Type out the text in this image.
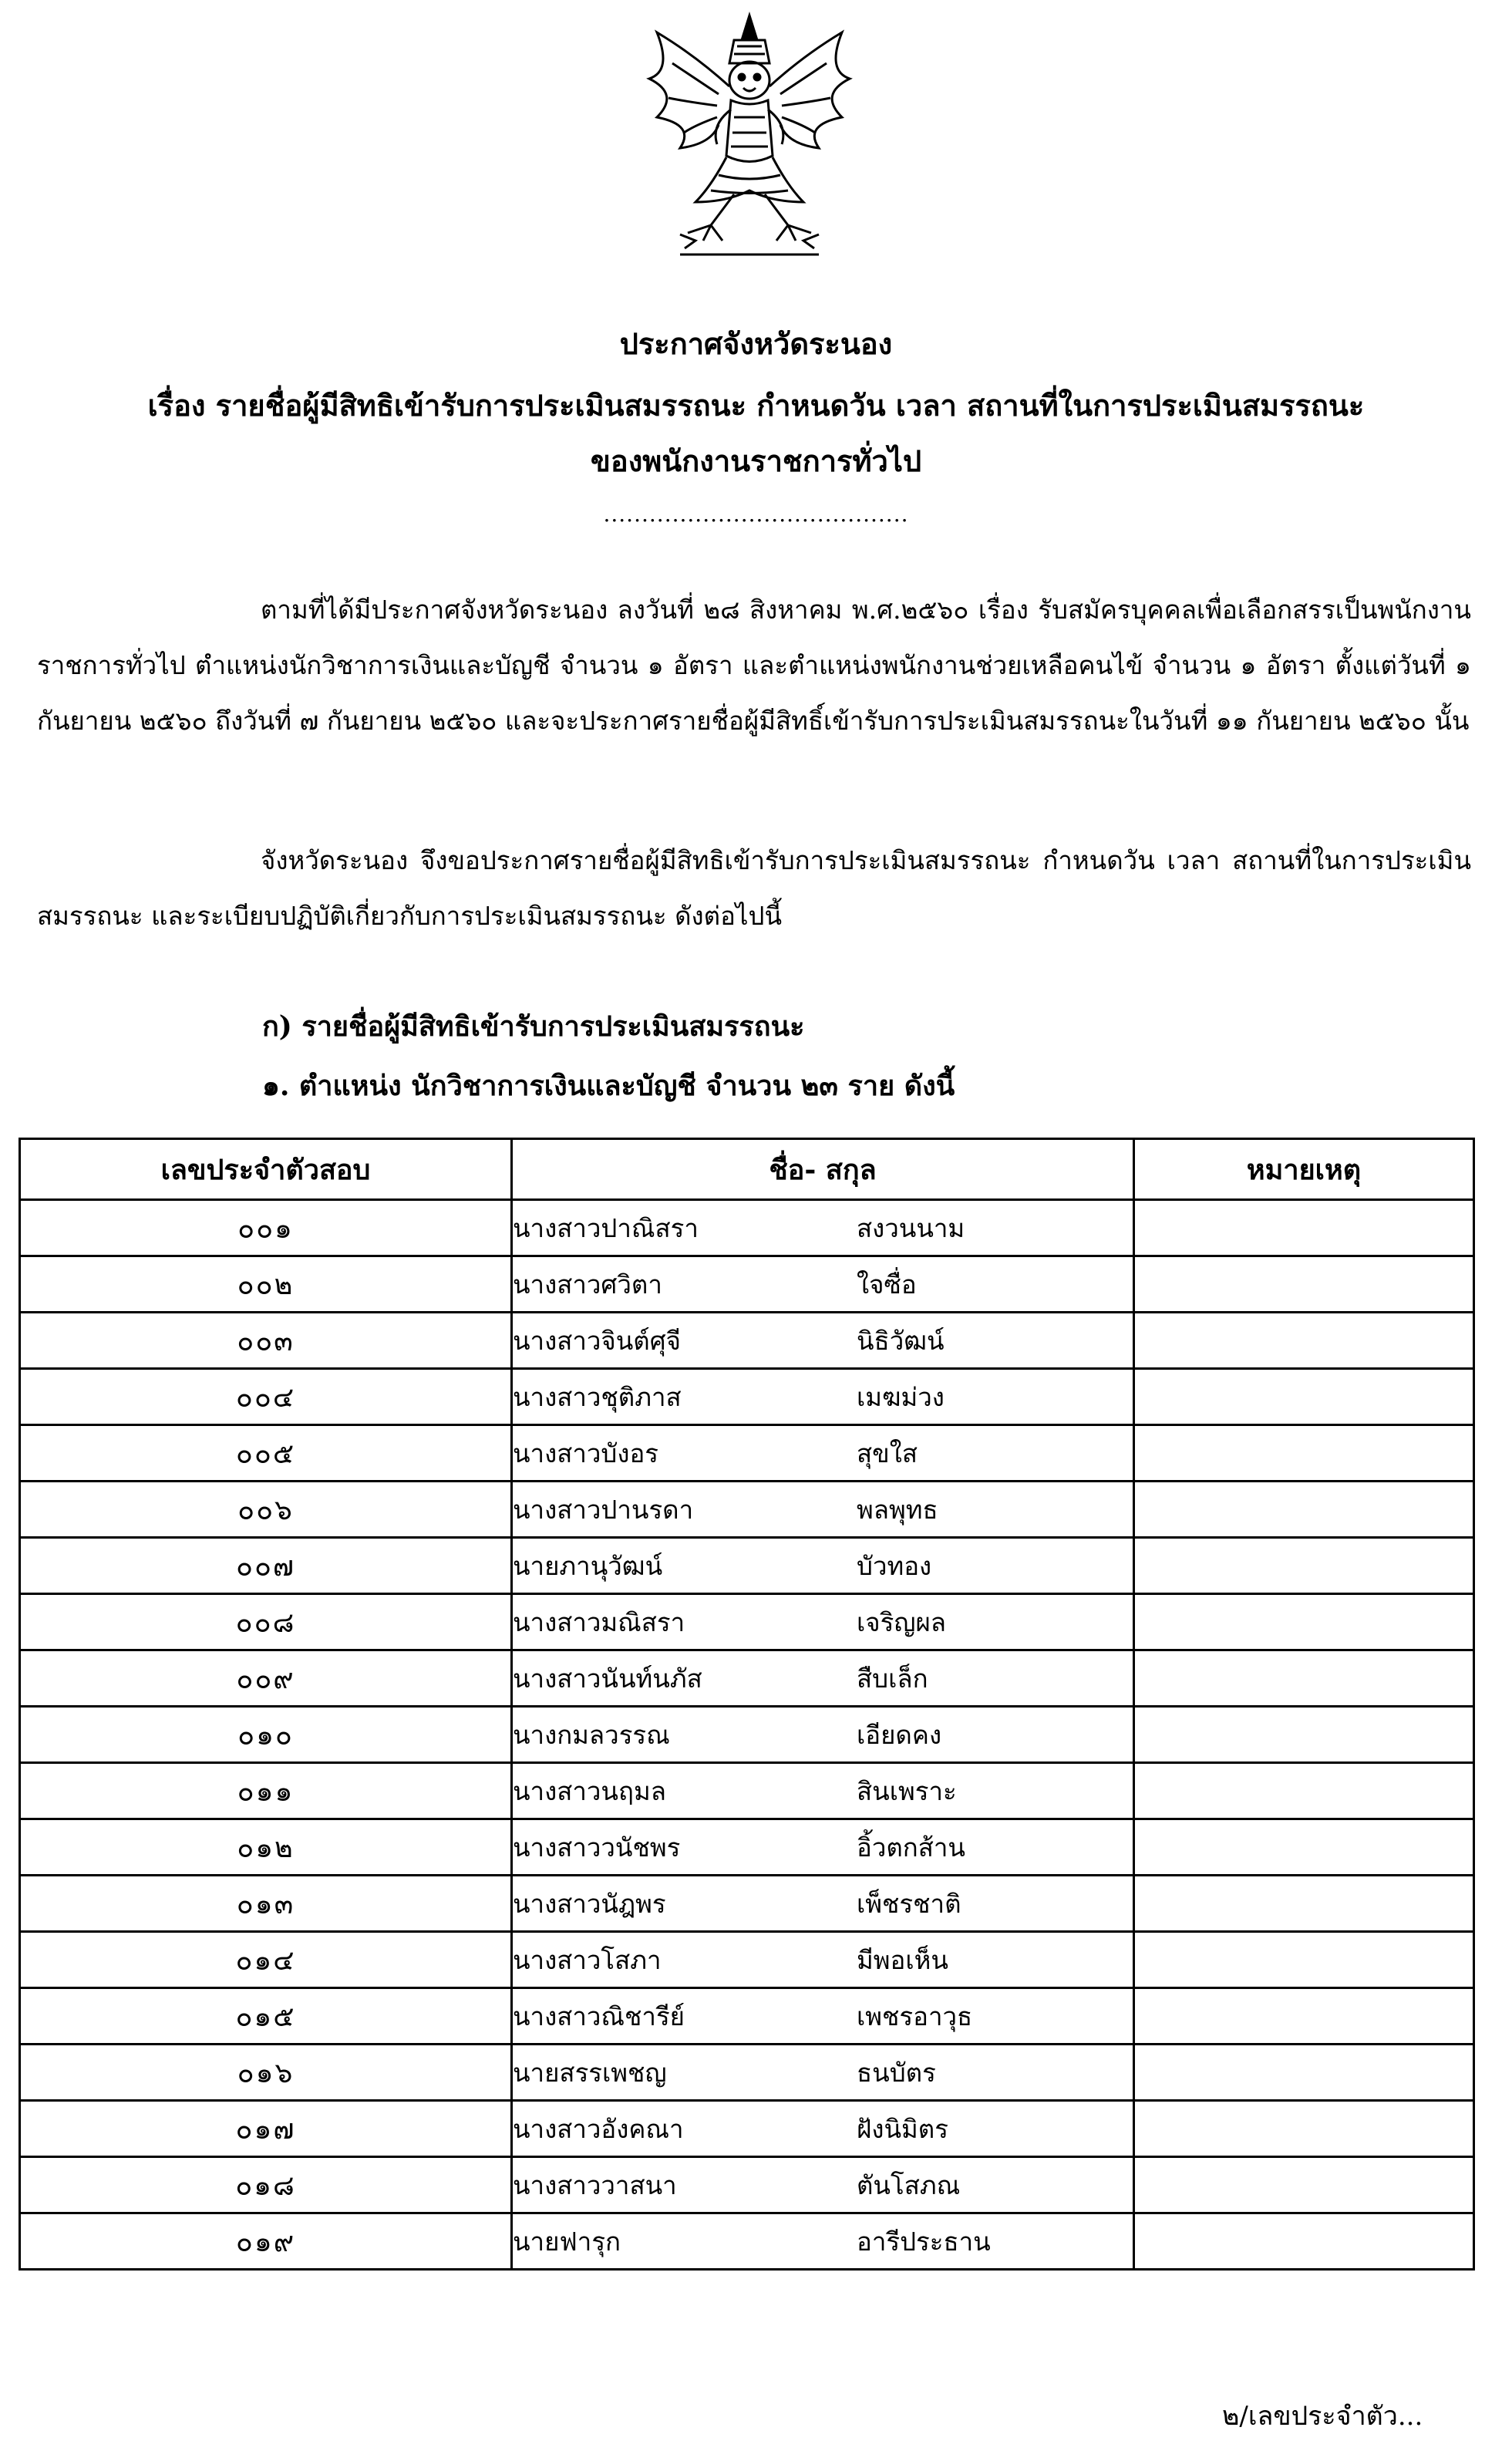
ประกาศจังหวัดระนอง
เรื่อง รายชื่อผู้มีสิทธิเข้ารับการประเมินสมรรถนะ กำหนดวัน เวลา สถานที่ในการประเมินสมรรถนะ
ของพนักงานราชการทั่วไป
........................................
ตามที่ได้มีประกาศจังหวัดระนอง ลงวันที่ ๒๘ สิงหาคม พ.ศ.๒๕๖๐ เรื่อง รับสมัครบุคคลเพื่อเลือกสรรเป็นพนักงานราชการทั่วไป ตำแหน่งนักวิชาการเงินและบัญชี จำนวน ๑ อัตรา และตำแหน่งพนักงานช่วยเหลือคนไข้ จำนวน ๑ อัตรา ตั้งแต่วันที่ ๑ กันยายน ๒๕๖๐ ถึงวันที่ ๗ กันยายน ๒๕๖๐ และจะประกาศรายชื่อผู้มีสิทธิ์เข้ารับการประเมินสมรรถนะในวันที่ ๑๑ กันยายน ๒๕๖๐ นั้น
จังหวัดระนอง จึงขอประกาศรายชื่อผู้มีสิทธิเข้ารับการประเมินสมรรถนะ กำหนดวัน เวลา สถานที่ในการประเมินสมรรถนะ และระเบียบปฏิบัติเกี่ยวกับการประเมินสมรรถนะ ดังต่อไปนี้
ก) รายชื่อผู้มีสิทธิเข้ารับการประเมินสมรรถนะ
๑. ตำแหน่ง นักวิชาการเงินและบัญชี จำนวน ๒๓ ราย ดังนี้
เลขประจำตัวสอบ	ชื่อ- สกุล	หมายเหตุ
๐๐๑	นางสาวปาณิสรา สงวนนาม	
๐๐๒	นางสาวศวิตา ใจซื่อ	
๐๐๓	นางสาวจินต์ศุจี นิธิวัฒน์	
๐๐๔	นางสาวชุติภาส เมฆม่วง	
๐๐๕	นางสาวบังอร สุขใส	
๐๐๖	นางสาวปานรดา พลพุทธ	
๐๐๗	นายภานุวัฒน์ บัวทอง	
๐๐๘	นางสาวมณิสรา เจริญผล	
๐๐๙	นางสาวนันท์นภัส สืบเล็ก	
๐๑๐	นางกมลวรรณ เอียดคง	
๐๑๑	นางสาวนฤมล สินเพราะ	
๐๑๒	นางสาววนัชพร อิ้วตกส้าน	
๐๑๓	นางสาวนัฎพร เพ็ชรชาติ	
๐๑๔	นางสาวโสภา มีพอเห็น	
๐๑๕	นางสาวณิชารีย์ เพชรอาวุธ	
๐๑๖	นายสรรเพชญ ธนบัตร	
๐๑๗	นางสาวอังคณา ฝังนิมิตร	
๐๑๘	นางสาววาสนา ตันโสภณ	
๐๑๙	นายฟารุก อารีประธาน	
๒/เลขประจำตัว...
